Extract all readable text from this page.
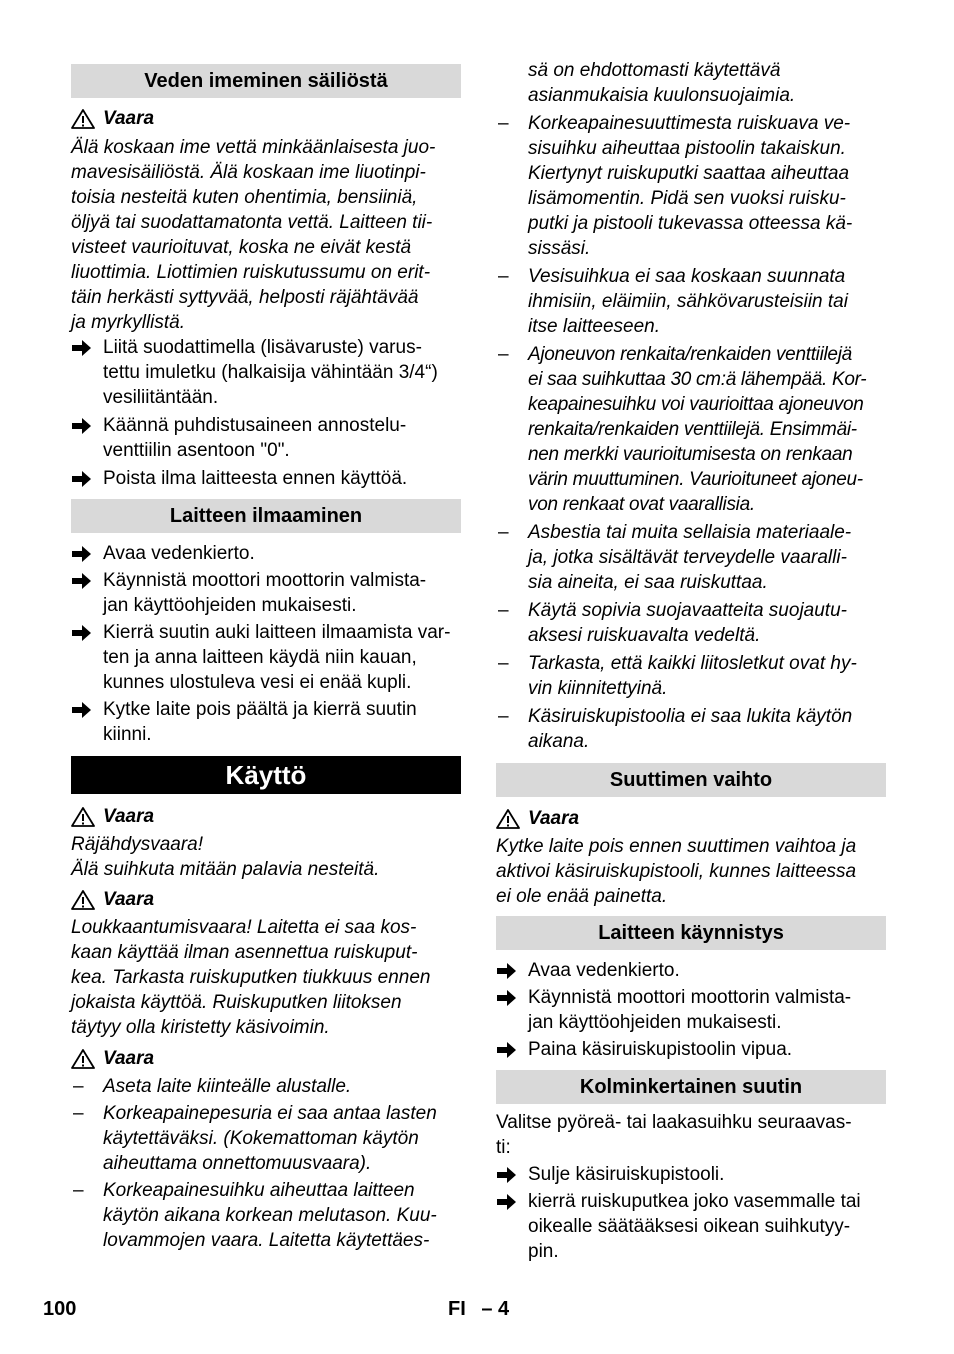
Veden imeminen säiliöstä
Vaara
Älä koskaan ime vettä minkäänlaisesta juo-
mavesisäiliöstä. Älä koskaan ime liuotinpi-
toisia nesteitä kuten ohentimia, bensiiniä,
öljyä tai suodattamatonta vettä. Laitteen tii-
visteet vaurioituvat, koska ne eivät kestä
liuottimia. Liottimien ruiskutussumu on erit-
täin herkästi syttyvää, helposti räjähtävää
ja myrkyllistä.
Liitä suodattimella (lisävaruste) varus-
tettu imuletku (halkaisija vähintään 3/4“)
vesiliitäntään.
Käännä puhdistusaineen annostelu-
venttiilin asentoon "0".
Poista ilma laitteesta ennen käyttöä.
Laitteen ilmaaminen
Avaa vedenkierto.
Käynnistä moottori moottorin valmista-
jan käyttöohjeiden mukaisesti.
Kierrä suutin auki laitteen ilmaamista var-
ten ja anna laitteen käydä niin kauan,
kunnes ulostuleva vesi ei enää kupli.
Kytke laite pois päältä ja kierrä suutin
kiinni.
Käyttö
Vaara
Räjähdysvaara!
Älä suihkuta mitään palavia nesteitä.
Vaara
Loukkaantumisvaara! Laitetta ei saa kos-
kaan käyttää ilman asennettua ruiskuput-
kea. Tarkasta ruiskuputken tiukkuus ennen
jokaista käyttöä. Ruiskuputken liitoksen
täytyy olla kiristetty käsivoimin.
Vaara
– Aseta laite kiinteälle alustalle.
– Korkeapainepesuria ei saa antaa lasten
käytettäväksi. (Kokemattoman käytön
aiheuttama onnettomuusvaara).
– Korkeapainesuihku aiheuttaa laitteen
käytön aikana korkean melutason. Kuu-
lovammojen vaara. Laitetta käytettäes-
sä on ehdottomasti käytettävä
asianmukaisia kuulonsuojaimia.
– Korkeapainesuuttimesta ruiskuava ve-
sisuihku aiheuttaa pistoolin takaiskun.
Kiertynyt ruiskuputki saattaa aiheuttaa
lisämomentin. Pidä sen vuoksi ruisku-
putki ja pistooli tukevassa otteessa kä-
sissäsi.
– Vesisuihkua ei saa koskaan suunnata
ihmisiin, eläimiin, sähkövarusteisiin tai
itse laitteeseen.
– Ajoneuvon renkaita/renkaiden venttiilejä
ei saa suihkuttaa 30 cm:ä lähempää. Kor-
keapainesuihku voi vaurioittaa ajoneuvon
renkaita/renkaiden venttiilejä. Ensimmäi-
nen merkki vaurioitumisesta on renkaan
värin muuttuminen. Vaurioituneet ajoneu-
von renkaat ovat vaarallisia.
– Asbestia tai muita sellaisia materiaale-
ja, jotka sisältävät terveydelle vaaralli-
sia aineita, ei saa ruiskuttaa.
– Käytä sopivia suojavaatteita suojautu-
aksesi ruiskuavalta vedeltä.
– Tarkasta, että kaikki liitosletkut ovat hy-
vin kiinnitettyinä.
– Käsiruiskupistoolia ei saa lukita käytön
aikana.
Suuttimen vaihto
Vaara
Kytke laite pois ennen suuttimen vaihtoa ja
aktivoi käsiruiskupistooli, kunnes laitteessa
ei ole enää painetta.
Laitteen käynnistys
Avaa vedenkierto.
Käynnistä moottori moottorin valmista-
jan käyttöohjeiden mukaisesti.
Paina käsiruiskupistoolin vipua.
Kolminkertainen suutin
Valitse pyöreä- tai laakasuihku seuraavas-
ti:
Sulje käsiruiskupistooli.
kierrä ruiskuputkea joko vasemmalle tai
oikealle säätääksesi oikean suihkutyy-
pin.
100	FI – 4
